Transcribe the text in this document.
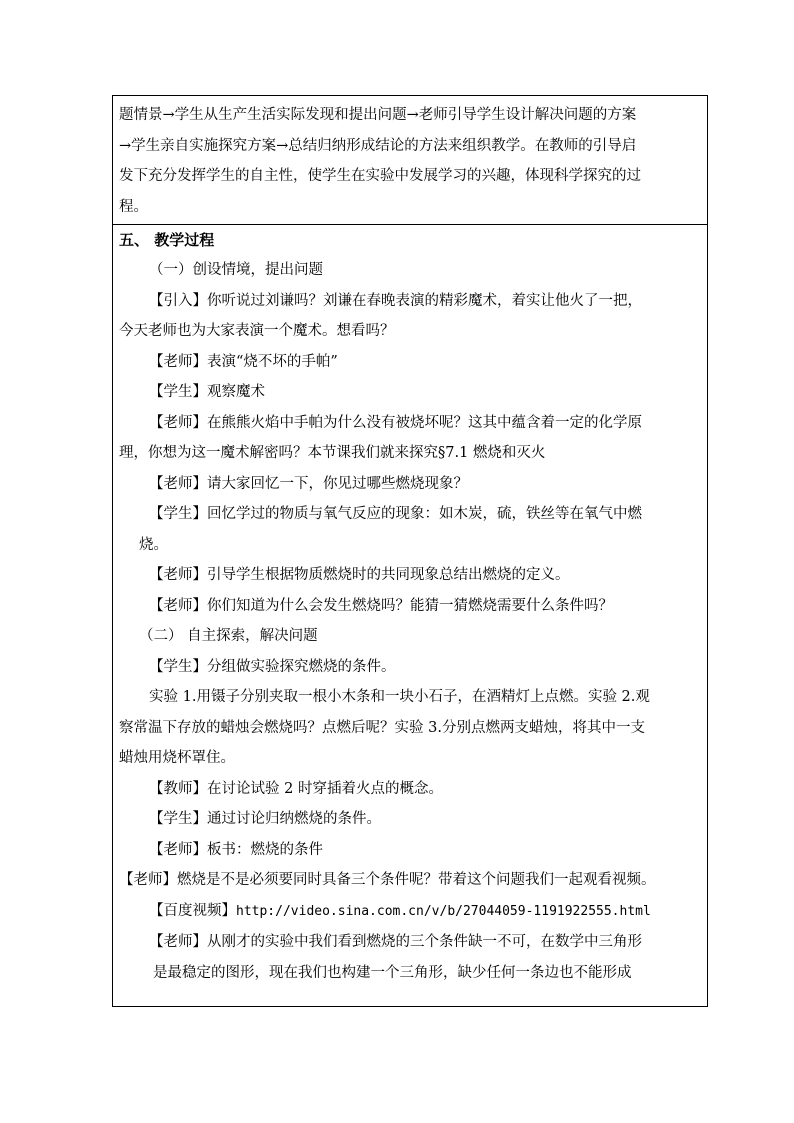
题情景→学生从生产生活实际发现和提出问题→老师引导学生设计解决问题的方案
→学生亲自实施探究方案→总结归纳形成结论的方法来组织教学。在教师的引导启
发下充分发挥学生的自主性，使学生在实验中发展学习的兴趣，体现科学探究的过
程。
五、 教学过程
（一）创设情境，提出问题
【引入】你听说过刘谦吗？刘谦在春晚表演的精彩魔术，着实让他火了一把，
今天老师也为大家表演一个魔术。想看吗？
【老师】表演“烧不坏的手帕”
【学生】观察魔术
【老师】在熊熊火焰中手帕为什么没有被烧坏呢？这其中蕴含着一定的化学原
理，你想为这一魔术解密吗？本节课我们就来探究§7.1 燃烧和灭火
【老师】请大家回忆一下，你见过哪些燃烧现象？
【学生】回忆学过的物质与氧气反应的现象：如木炭，硫，铁丝等在氧气中燃
烧。
【老师】引导学生根据物质燃烧时的共同现象总结出燃烧的定义。
【老师】你们知道为什么会发生燃烧吗？能猜一猜燃烧需要什么条件吗？
（二） 自主探索，解决问题
【学生】分组做实验探究燃烧的条件。
实验 1.用镊子分别夹取一根小木条和一块小石子，在酒精灯上点燃。实验 2.观
察常温下存放的蜡烛会燃烧吗？点燃后呢？实验 3.分别点燃两支蜡烛，将其中一支
蜡烛用烧杯罩住。
【教师】在讨论试验 2 时穿插着火点的概念。
【学生】通过讨论归纳燃烧的条件。
【老师】板书：燃烧的条件
【老师】燃烧是不是必须要同时具备三个条件呢？带着这个问题我们一起观看视频。
【百度视频】http://video.sina.com.cn/v/b/27044059-1191922555.html
【老师】从刚才的实验中我们看到燃烧的三个条件缺一不可，在数学中三角形
是最稳定的图形，现在我们也构建一个三角形，缺少任何一条边也不能形成
